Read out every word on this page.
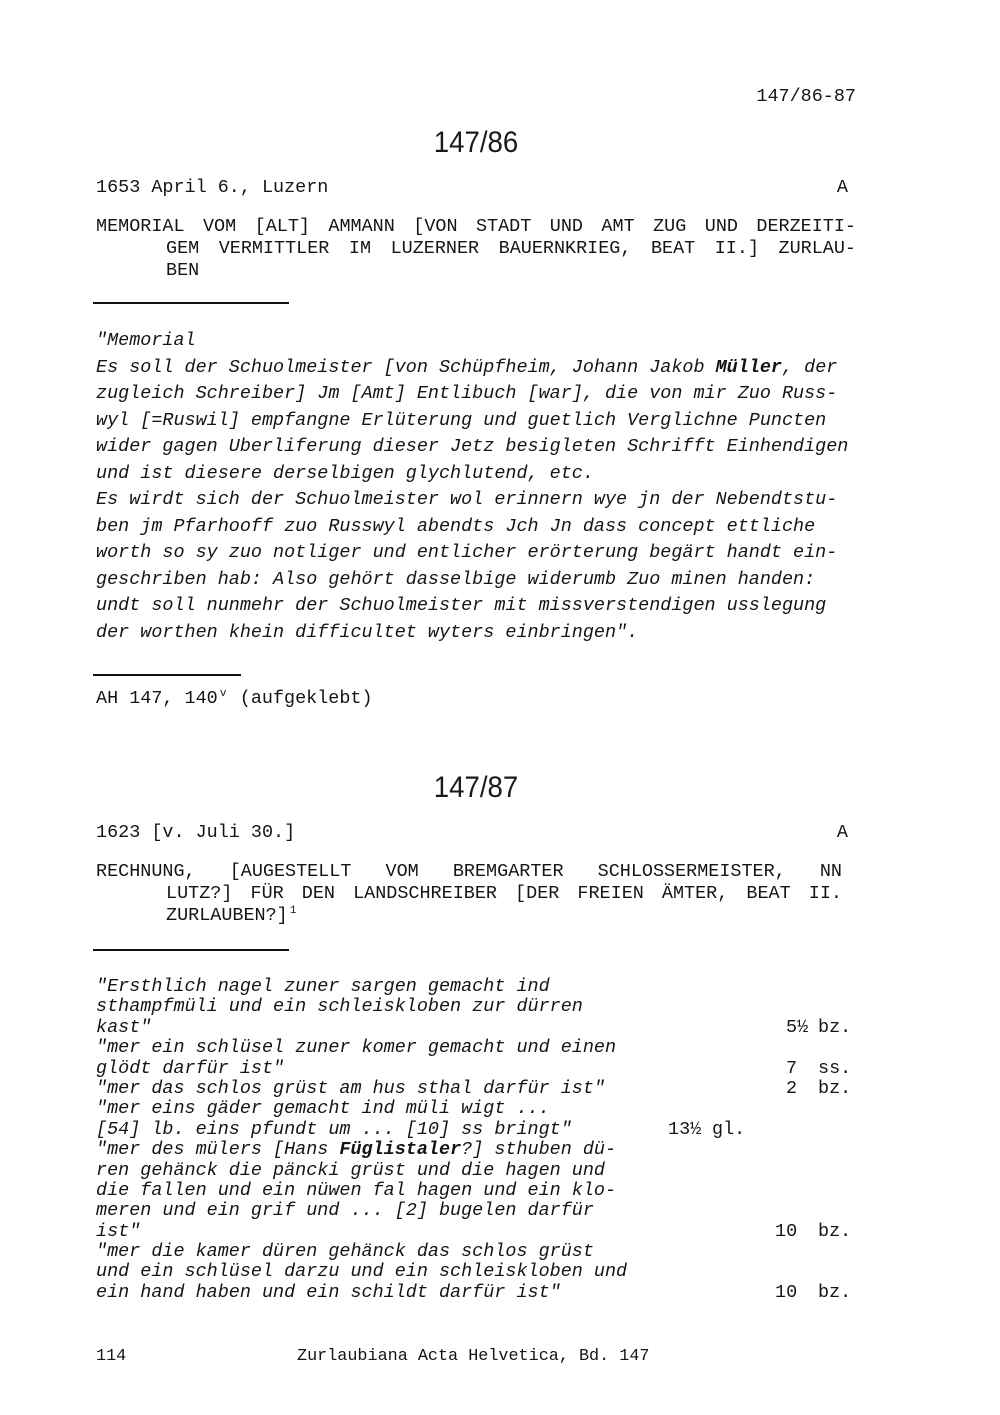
147/86-87
147/86
1653 April 6., Luzern	A
MEMORIAL VOM [ALT] AMMANN [VON STADT UND AMT ZUG UND DERZEITI-
GEM VERMITTLER IM LUZERNER BAUERNKRIEG, BEAT II.] ZURLAU-
BEN
"Memorial
Es soll der Schuolmeister [von Schüpfheim, Johann Jakob Müller, der
zugleich Schreiber] Jm [Amt] Entlibuch [war], die von mir Zuo Russ-
wyl [=Ruswil] empfangne Erlüterung und guetlich Verglichne Puncten
wider gagen Uberliferung dieser Jetz besigleten Schrifft Einhendigen
und ist diesere derselbigen glychlutend, etc.
Es wirdt sich der Schuolmeister wol erinnern wye jn der Nebendtstu-
ben jm Pfarhooff zuo Russwyl abendts Jch Jn dass concept ettliche
worth so sy zuo notliger und entlicher erörterung begärt handt ein-
geschriben hab: Also gehört dasselbige widerumb Zuo minen handen:
undt soll nunmehr der Schuolmeister mit missverstendigen usslegung
der worthen khein difficultet wyters einbringen".
AH 147, 140 v (aufgeklebt)
147/87
1623 [v. Juli 30.]	A
RECHNUNG, [AUGESTELLT VOM BREMGARTER SCHLOSSERMEISTER, NN
LUTZ?] FÜR DEN LANDSCHREIBER [DER FREIEN ÄMTER, BEAT II.
ZURLAUBEN?] 1
"Ersthlich nagel zuner sargen gemacht ind
sthampfmüli und ein schleiskloben zur dürren
kast"	5½ bz.
"mer ein schlüsel zuner komer gemacht und einen
glödt darfür ist"	7 ss.
"mer das schlos grüst am hus sthal darfür ist"	2 bz.
"mer eins gäder gemacht ind müli wigt ...
[54] lb. eins pfundt um ... [10] ss bringt"	13½ gl.
"mer des mülers [Hans Füglistaler?] sthuben dü-
ren gehänck die päncki grüst und die hagen und
die fallen und ein nüwen fal hagen und ein klo-
meren und ein grif und ... [2] bugelen darfür
ist"	10 bz.
"mer die kamer düren gehänck das schlos grüst
und ein schlüsel darzu und ein schleiskloben und
ein hand haben und ein schildt darfür ist"	10 bz.
114	Zurlaubiana Acta Helvetica, Bd. 147
